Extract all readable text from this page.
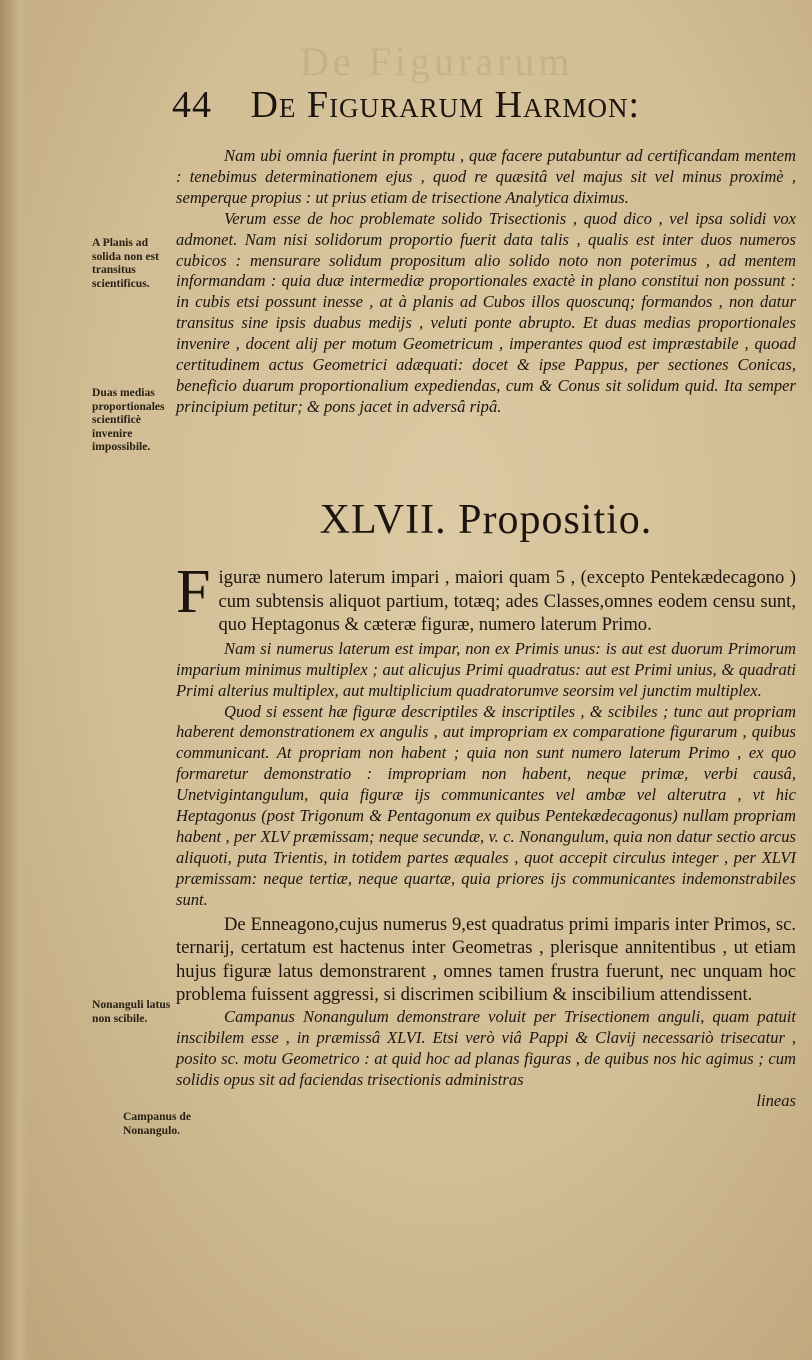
De Figurarum
44 De Figurarum Harmon:

Nam ubi omnia fuerint in promptu , quæ facere putabuntur ad certificandam mentem : tenebimus determinationem ejus , quod re quæsitâ vel majus sit vel minus proximè , semperque propius : ut prius etiam de trisectione Analytica diximus.

Verum esse de hoc problemate solido Trisectionis , quod dico , vel ipsa solidi vox admonet. Nam nisi solidorum proportio fuerit data talis , qualis est inter duos numeros cubicos : mensurare solidum propositum alio solido noto non poterimus , ad mentem informandam : quia duæ intermediæ proportionales exactè in plano constitui non possunt : in cubis etsi possunt inesse , at à planis ad Cubos illos quoscunq; formandos , non datur transitus sine ipsis duabus medijs , veluti ponte abrupto. Et duas medias proportionales invenire , docent alij per motum Geometricum , imperantes quod est impræstabile , quoad certitudinem actus Geometrici adæquati: docet & ipse Pappus, per sectiones Conicas, beneficio duarum proportionalium expediendas, cum & Conus sit solidum quid. Ita semper principium petitur; & pons jacet in adversâ ripâ.

A Planis ad solida non est transitus scientificus.
Duas medias proportionales scientificè invenire impossibile.
XLVII. Propositio.

Figuræ numero laterum impari , maiori quam 5 , (excepto Pentekædecagono ) cum subtensis aliquot partium, totæq; ades Classes,omnes eodem censu sunt, quo Heptagonus & cæteræ figuræ, numero laterum Primo.

Nam si numerus laterum est impar, non ex Primis unus: is aut est duorum Primorum imparium minimus multiplex ; aut alicujus Primi quadratus: aut est Primi unius, & quadrati Primi alterius multiplex, aut multiplicium quadratorumve seorsim vel junctim multiplex.

Quod si essent hæ figuræ descriptiles & inscriptiles , & scibiles ; tunc aut propriam haberent demonstrationem ex angulis , aut impropriam ex comparatione figurarum , quibus communicant. At propriam non habent ; quia non sunt numero laterum Primo , ex quo formaretur demonstratio : impropriam non habent, neque primæ, verbi causâ, Unetvigintangulum, quia figuræ ijs communicantes vel ambæ vel alterutra , vt hic Heptagonus (post Trigonum & Pentagonum ex quibus Pentekædecagonus) nullam propriam habent , per XLV præmissam; neque secundæ, v. c. Nonangulum, quia non datur sectio arcus aliquoti, puta Trientis, in totidem partes æquales , quot accepit circulus integer , per XLVI præmissam: neque tertiæ, neque quartæ, quia priores ijs communicantes indemonstrabiles sunt.

De Enneagono,cujus numerus 9,est quadratus primi imparis inter Primos, sc. ternarij, certatum est hactenus inter Geometras , plerisque annitentibus , ut etiam hujus figuræ latus demonstrarent , omnes tamen frustra fuerunt, nec unquam hoc problema fuissent aggressi, si discrimen scibilium & inscibilium attendissent.

Campanus Nonangulum demonstrare voluit per Trisectionem anguli, quam patuit inscibilem esse , in præmissâ XLVI. Etsi verò viâ Pappi & Clavij necessariò trisecatur , posito sc. motu Geometrico : at quid hoc ad planas figuras , de quibus nos hic agimus ; cum solidis opus sit ad faciendas trisectionis administras

lineas

Nonanguli latus non scibile.
Campanus de Nonangulo.
